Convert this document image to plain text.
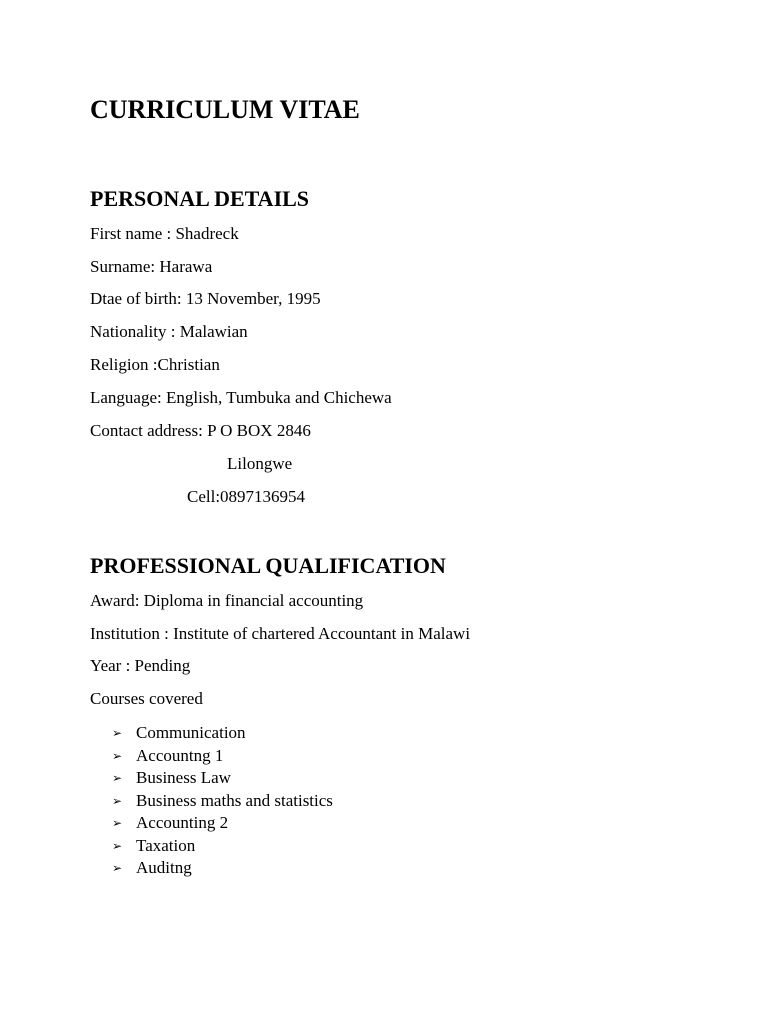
CURRICULUM VITAE
PERSONAL DETAILS
First name : Shadreck
Surname: Harawa
Dtae of birth: 13 November, 1995
Nationality : Malawian
Religion :Christian
Language: English, Tumbuka and Chichewa
Contact address: P O BOX 2846
Lilongwe
Cell:0897136954
PROFESSIONAL QUALIFICATION
Award: Diploma in financial accounting
Institution : Institute of chartered Accountant in Malawi
Year : Pending
Courses covered
➢ Communication
➢ Accountng 1
➢ Business Law
➢ Business maths and statistics
➢ Accounting 2
➢ Taxation
➢ Auditng
